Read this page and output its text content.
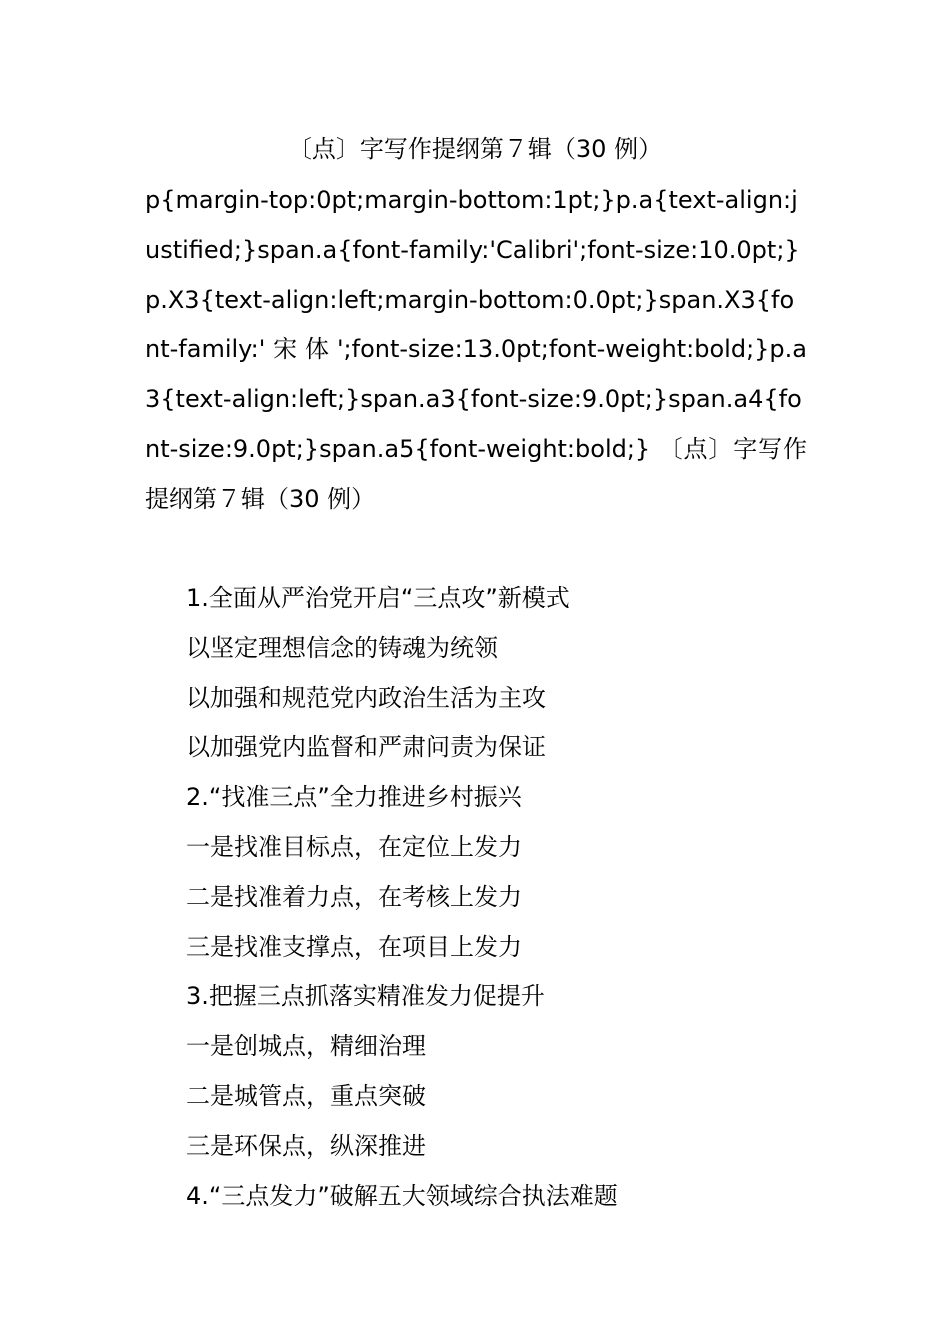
〔点〕字写作提纲第７辑（30 例）

p{margin-top:0pt;margin-bottom:1pt;}p.a{text-align:justified;}span.a{font-family:'Calibri';font-size:10.0pt;}p.X3{text-align:left;margin-bottom:0.0pt;}span.X3{font-family:' 宋 体 ';font-size:13.0pt;font-weight:bold;}p.a3{text-align:left;}span.a3{font-size:9.0pt;}span.a4{font-size:9.0pt;}span.a5{font-weight:bold;} 〔点〕字写作提纲第７辑（30 例）

1.全面从严治党开启“三点攻”新模式
以坚定理想信念的铸魂为统领
以加强和规范党内政治生活为主攻
以加强党内监督和严肃问责为保证
2.“找准三点”全力推进乡村振兴
一是找准目标点，在定位上发力
二是找准着力点，在考核上发力
三是找准支撑点，在项目上发力
3.把握三点抓落实精准发力促提升
一是创城点，精细治理
二是城管点，重点突破
三是环保点，纵深推进
4.“三点发力”破解五大领域综合执法难题
